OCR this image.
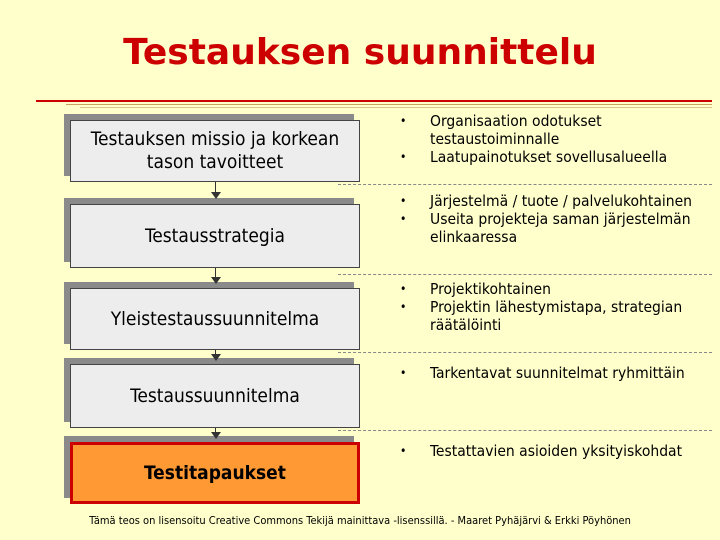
Testauksen suunnittelu
Testauksen missio ja korkean tason tavoitteet
Testausstrategia
Yleistestaussuunnitelma
Testaussuunnitelma
Testitapaukset
• Organisaation odotukset testaustoiminnalle
• Laatupainotukset sovellusalueella
• Järjestelmä / tuote / palvelukohtainen
• Useita projekteja saman järjestelmän elinkaaressa
• Projektikohtainen
• Projektin lähestymistapa, strategian räätälöinti
• Tarkentavat suunnitelmat ryhmittäin
• Testattavien asioiden yksityiskohdat
Tämä teos on lisensoitu Creative Commons Tekijä mainittava -lisenssillä. - Maaret Pyhäjärvi & Erkki Pöyhönen
